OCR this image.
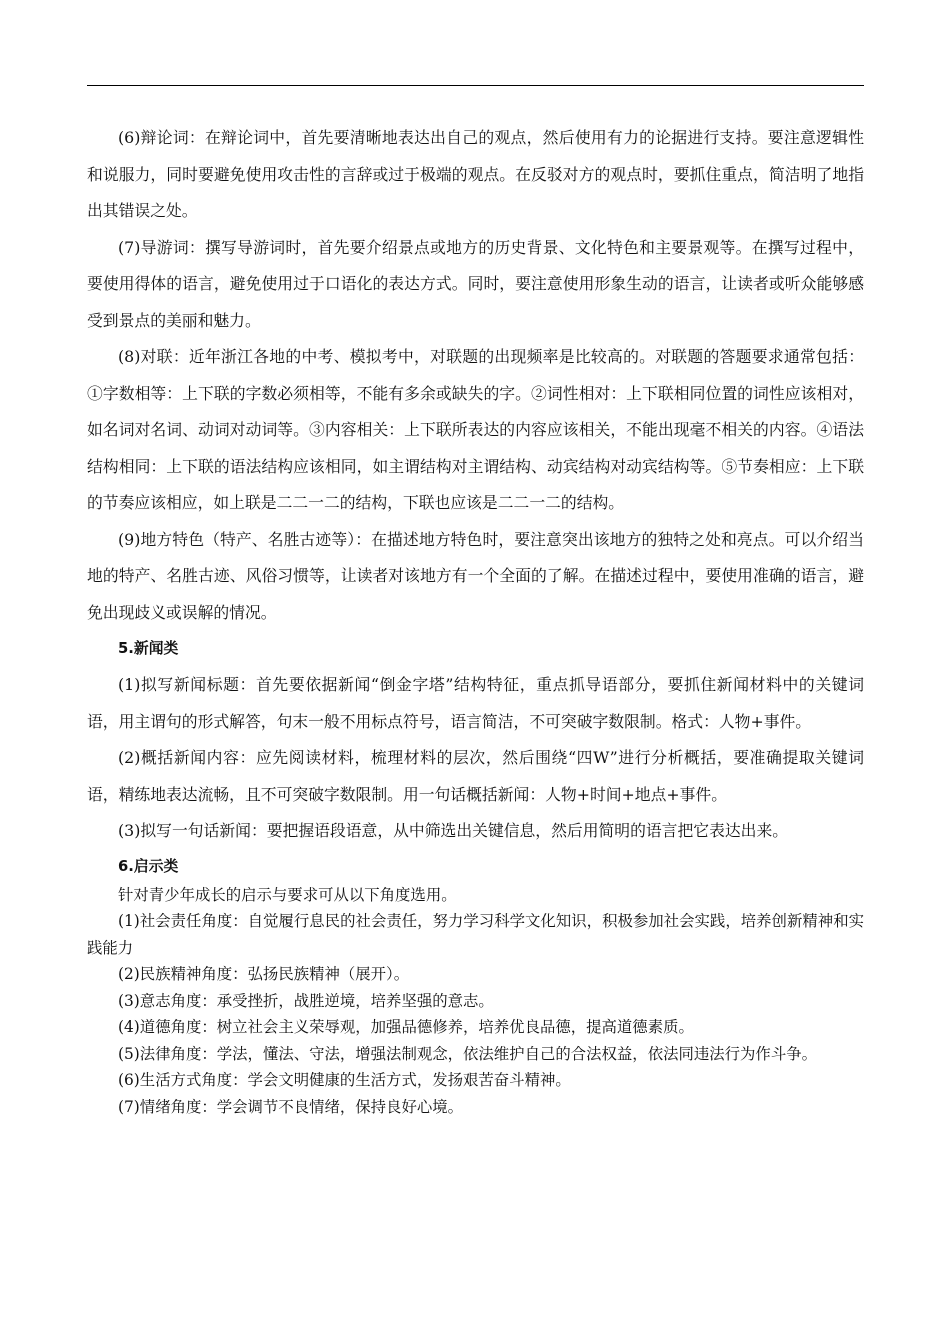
(6)辩论词：在辩论词中，首先要清晰地表达出自己的观点，然后使用有力的论据进行支持。要注意逻辑性和说服力，同时要避免使用攻击性的言辞或过于极端的观点。在反驳对方的观点时，要抓住重点，简洁明了地指出其错误之处。

(7)导游词：撰写导游词时，首先要介绍景点或地方的历史背景、文化特色和主要景观等。在撰写过程中，要使用得体的语言，避免使用过于口语化的表达方式。同时，要注意使用形象生动的语言，让读者或听众能够感受到景点的美丽和魅力。

(8)对联：近年浙江各地的中考、模拟考中，对联题的出现频率是比较高的。对联题的答题要求通常包括：①字数相等：上下联的字数必须相等，不能有多余或缺失的字。②词性相对：上下联相同位置的词性应该相对，如名词对名词、动词对动词等。③内容相关：上下联所表达的内容应该相关，不能出现毫不相关的内容。④语法结构相同：上下联的语法结构应该相同，如主谓结构对主谓结构、动宾结构对动宾结构等。⑤节奏相应：上下联的节奏应该相应，如上联是二二一二的结构，下联也应该是二二一二的结构。

(9)地方特色（特产、名胜古迹等）：在描述地方特色时，要注意突出该地方的独特之处和亮点。可以介绍当地的特产、名胜古迹、风俗习惯等，让读者对该地方有一个全面的了解。在描述过程中，要使用准确的语言，避免出现歧义或误解的情况。

5.新闻类

(1)拟写新闻标题：首先要依据新闻“倒金字塔”结构特征，重点抓导语部分，要抓住新闻材料中的关键词语，用主谓句的形式解答，句末一般不用标点符号，语言简洁，不可突破字数限制。格式：人物+事件。

(2)概括新闻内容：应先阅读材料，梳理材料的层次，然后围绕“四W”进行分析概括，要准确提取关键词语，精练地表达流畅，且不可突破字数限制。用一句话概括新闻：人物+时间+地点+事件。

(3)拟写一句话新闻：要把握语段语意，从中筛选出关键信息，然后用简明的语言把它表达出来。

6.启示类

针对青少年成长的启示与要求可从以下角度选用。

(1)社会责任角度：自觉履行息民的社会责任，努力学习科学文化知识，积极参加社会实践，培养创新精神和实践能力

(2)民族精神角度：弘扬民族精神（展开）。

(3)意志角度：承受挫折，战胜逆境，培养坚强的意志。

(4)道德角度：树立社会主义荣辱观，加强品德修养，培养优良品德，提高道德素质。

(5)法律角度：学法，懂法、守法，增强法制观念，依法维护自己的合法权益，依法同违法行为作斗争。

(6)生活方式角度：学会文明健康的生活方式，发扬艰苦奋斗精神。

(7)情绪角度：学会调节不良情绪，保持良好心境。
